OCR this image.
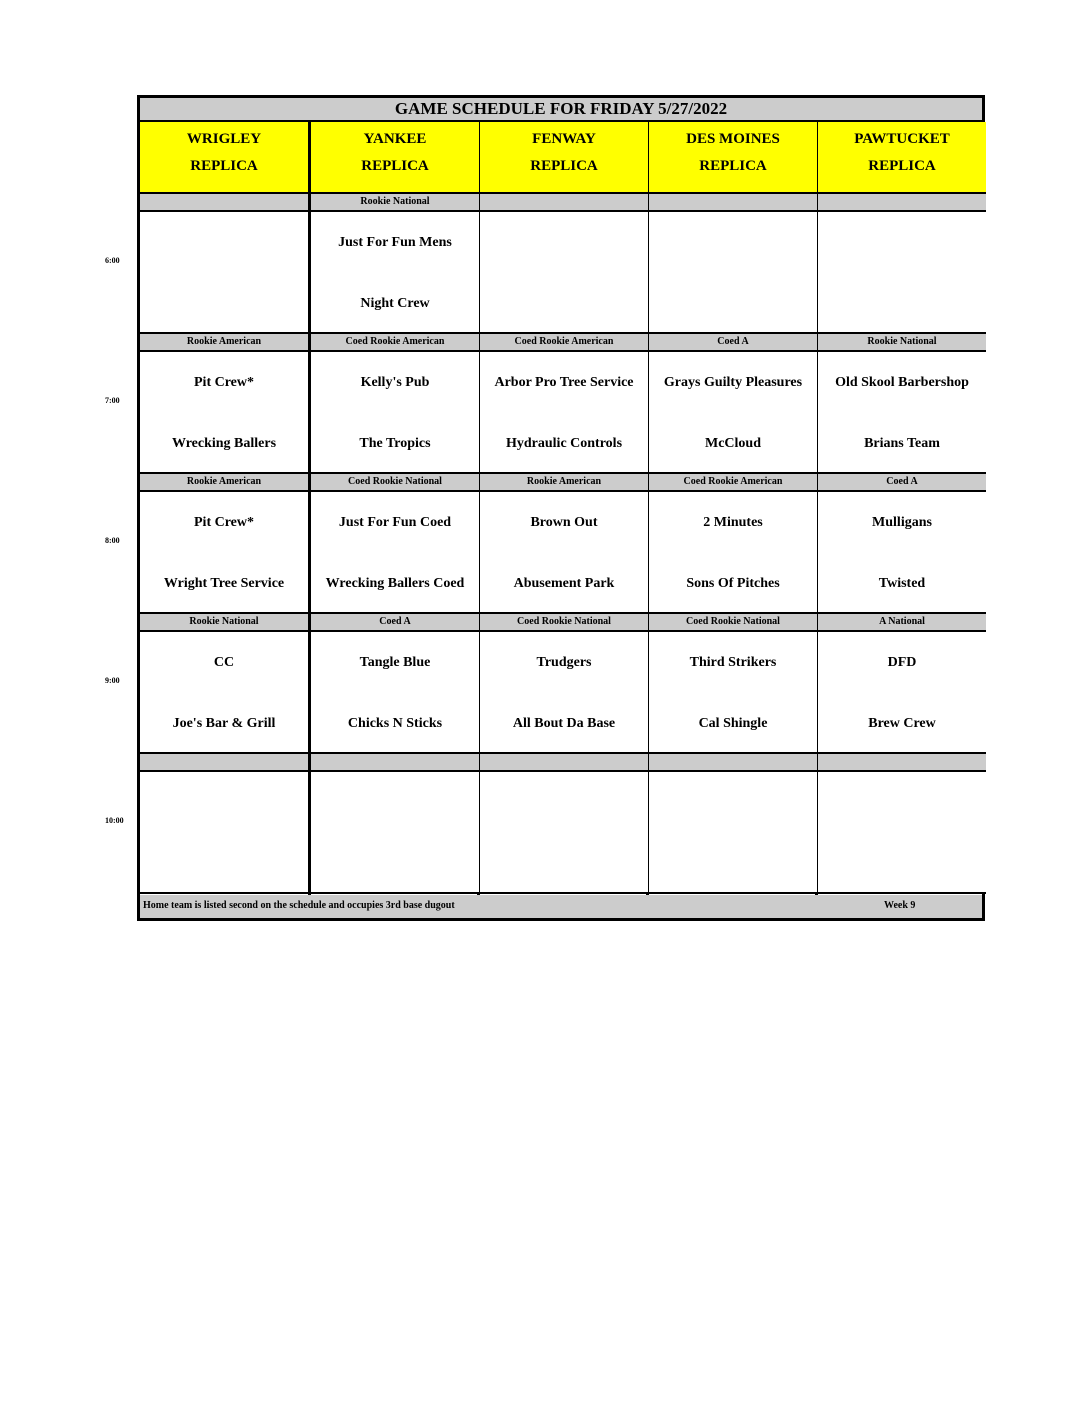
6:00
7:00
8:00
9:00
10:00
GAME SCHEDULE FOR FRIDAY 5/27/2022
WRIGLEY
REPLICA
YANKEE
REPLICA
FENWAY
REPLICA
DES MOINES
REPLICA
PAWTUCKET
REPLICA
Rookie National
Just For Fun Mens
Night Crew
Rookie American
Pit Crew*
Wrecking Ballers
Coed Rookie American
Kelly's Pub
The Tropics
Coed Rookie American
Arbor Pro Tree Service
Hydraulic Controls
Coed A
Grays Guilty Pleasures
McCloud
Rookie National
Old Skool Barbershop
Brians Team
Rookie American
Pit Crew*
Wright Tree Service
Coed Rookie National
Just For Fun Coed
Wrecking Ballers Coed
Rookie American
Brown Out
Abusement Park
Coed Rookie American
2 Minutes
Sons Of Pitches
Coed A
Mulligans
Twisted
Rookie National
CC
Joe's Bar & Grill
Coed A
Tangle Blue
Chicks N Sticks
Coed Rookie National
Trudgers
All Bout Da Base
Coed Rookie National
Third Strikers
Cal Shingle
A National
DFD
Brew Crew
Home team is listed second on the schedule and occupies 3rd base dugout	Week 9
